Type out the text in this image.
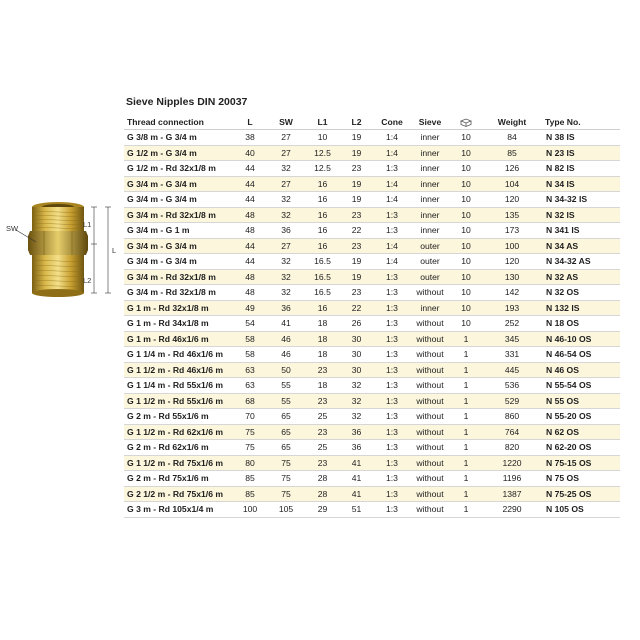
SW	L1
L2
L
Sieve Nipples DIN 20037
Thread connection	L	SW	L1	L2	Cone	Sieve		Weight	Type No.
G 3/8 m - G 3/4 m	38	27	10	19	1:4	inner	10	84	N 38 IS
G 1/2 m - G 3/4 m	40	27	12.5	19	1:4	inner	10	85	N 23 IS
G 1/2 m - Rd 32x1/8 m	44	32	12.5	23	1:3	inner	10	126	N 82 IS
G 3/4 m - G 3/4 m	44	27	16	19	1:4	inner	10	104	N 34 IS
G 3/4 m - G 3/4 m	44	32	16	19	1:4	inner	10	120	N 34-32 IS
G 3/4 m - Rd 32x1/8 m	48	32	16	23	1:3	inner	10	135	N 32 IS
G 3/4 m - G 1 m	48	36	16	22	1:3	inner	10	173	N 341 IS
G 3/4 m - G 3/4 m	44	27	16	23	1:4	outer	10	100	N 34 AS
G 3/4 m - G 3/4 m	44	32	16.5	19	1:4	outer	10	120	N 34-32 AS
G 3/4 m - Rd 32x1/8 m	48	32	16.5	19	1:3	outer	10	130	N 32 AS
G 3/4 m - Rd 32x1/8 m	48	32	16.5	23	1:3	without	10	142	N 32 OS
G 1 m - Rd 32x1/8 m	49	36	16	22	1:3	inner	10	193	N 132 IS
G 1 m - Rd 34x1/8 m	54	41	18	26	1:3	without	10	252	N 18 OS
G 1 m - Rd 46x1/6 m	58	46	18	30	1:3	without	1	345	N 46-10 OS
G 1 1/4 m - Rd 46x1/6 m	58	46	18	30	1:3	without	1	331	N 46-54 OS
G 1 1/2 m - Rd 46x1/6 m	63	50	23	30	1:3	without	1	445	N 46 OS
G 1 1/4 m - Rd 55x1/6 m	63	55	18	32	1:3	without	1	536	N 55-54 OS
G 1 1/2 m - Rd 55x1/6 m	68	55	23	32	1:3	without	1	529	N 55 OS
G 2 m - Rd 55x1/6 m	70	65	25	32	1:3	without	1	860	N 55-20 OS
G 1 1/2 m - Rd 62x1/6 m	75	65	23	36	1:3	without	1	764	N 62 OS
G 2 m - Rd 62x1/6 m	75	65	25	36	1:3	without	1	820	N 62-20 OS
G 1 1/2 m - Rd 75x1/6 m	80	75	23	41	1:3	without	1	1220	N 75-15 OS
G 2 m - Rd 75x1/6 m	85	75	28	41	1:3	without	1	1196	N 75 OS
G 2 1/2 m - Rd 75x1/6 m	85	75	28	41	1:3	without	1	1387	N 75-25 OS
G 3 m - Rd 105x1/4 m	100	105	29	51	1:3	without	1	2290	N 105 OS
